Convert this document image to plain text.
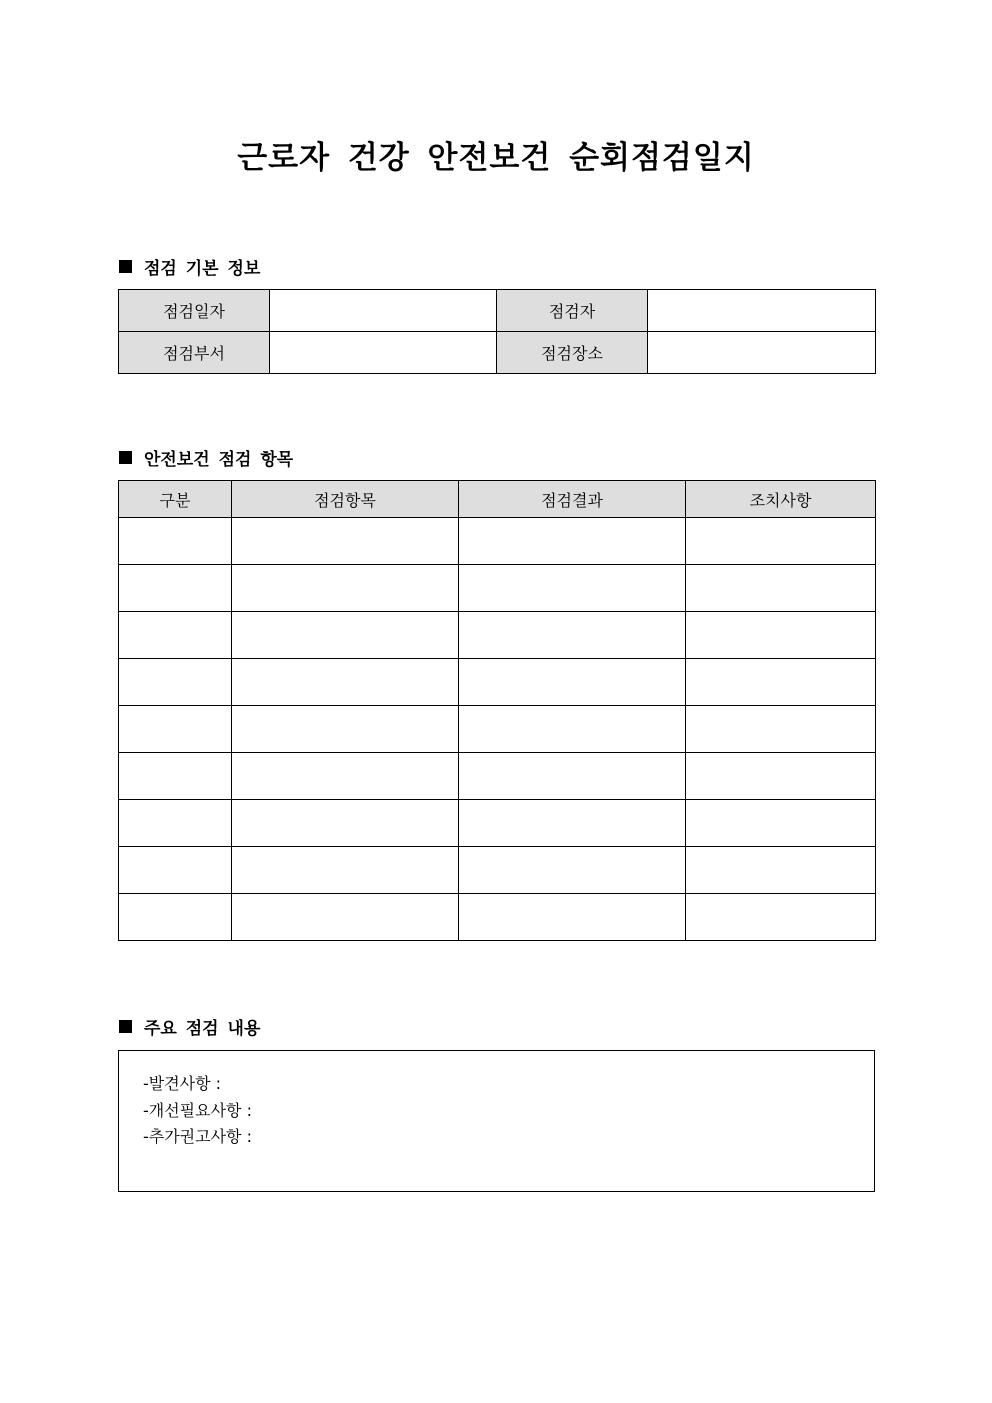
근로자 건강 안전보건 순회점검일지
점검 기본 정보
점검일자		점검자	
점검부서		점검장소	
안전보건 점검 항목
구분	점검항목	점검결과	조치사항

주요 점검 내용
-발견사항 :
-개선필요사항 :
-추가권고사항 :
